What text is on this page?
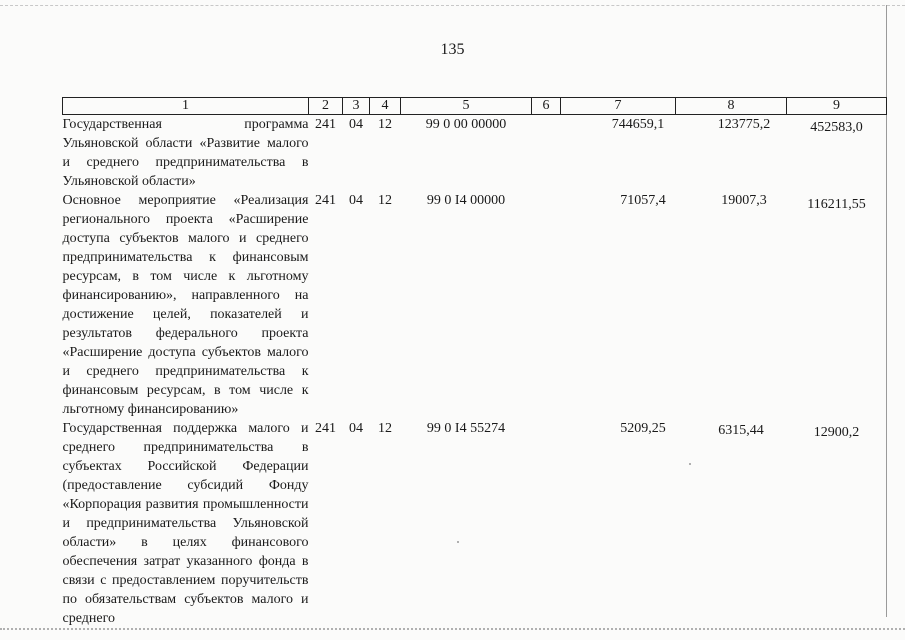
135
1	2	3	4	5	6	7	8	9
Государственная программа Ульяновской области «Развитие малого и среднего предпринимательства в Ульяновской области»	241	04	12	99 0 00 00000		744659,1	123775,2	452583,0
Основное мероприятие «Реализация регионального проекта «Расширение доступа субъектов малого и среднего предпринимательства к финансовым ресурсам, в том числе к льготному финансированию», направленного на достижение целей, показателей и результатов федерального проекта «Расширение доступа субъектов малого и среднего предпринимательства к финансовым ресурсам, в том числе к льготному финансированию»	241	04	12	99 0 I4 00000		71057,4	19007,3	116211,55
Государственная поддержка малого и среднего предпринимательства в субъектах Российской Федерации (предоставление субсидий Фонду «Корпорация развития промышленности и предпринимательства Ульяновской области» в целях финансового обеспечения затрат указанного фонда в связи с предоставлением поручительств по обязательствам субъектов малого и среднего	241	04	12	99 0 I4 55274		5209,25	6315,44	12900,2
